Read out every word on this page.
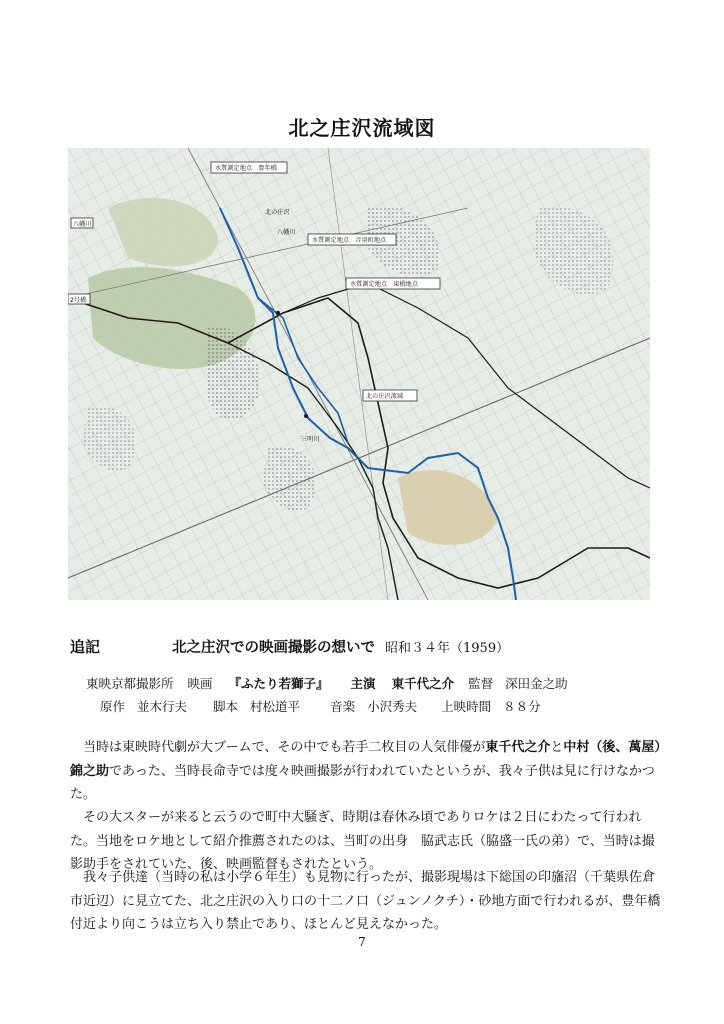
北之庄沢流域図
水質測定地点　豊年橋
北の庄沢
八幡川
水質測定地点　音羽町地点
水質測定地点　東橋地点
八幡川
2号橋
北の庄沢流域
三明川
追記	北之庄沢での映画撮影の想いで 昭和３４年（1959）
東映京都撮影所 映画 『ふたり若獅子』 主演 東千代之介 監督 深田金之助
原作 並木行夫 脚本 村松道平 音楽 小沢秀夫 上映時間 ８８分
　当時は東映時代劇が大ブームで、その中でも若手二枚目の人気俳優が東千代之介と中村（後、萬屋）錦之助であった、当時長命寺では度々映画撮影が行われていたというが、我々子供は見に行けなかつた。
　その大スターが来ると云うので町中大騒ぎ、時期は春休み頃でありロケは２日にわたって行われた。当地をロケ地として紹介推薦されたのは、当町の出身　脇武志氏（脇盛一氏の弟）で、当時は撮影助手をされていた、後、映画監督もされたという。
　我々子供達（当時の私は小学６年生）も見物に行ったが、撮影現場は下総国の印旛沼（千葉県佐倉市近辺）に見立てた、北之庄沢の入り口の十二ノ口（ジュンノクチ）・砂地方面で行われるが、豊年橋付近より向こうは立ち入り禁止であり、ほとんど見えなかった。
7
